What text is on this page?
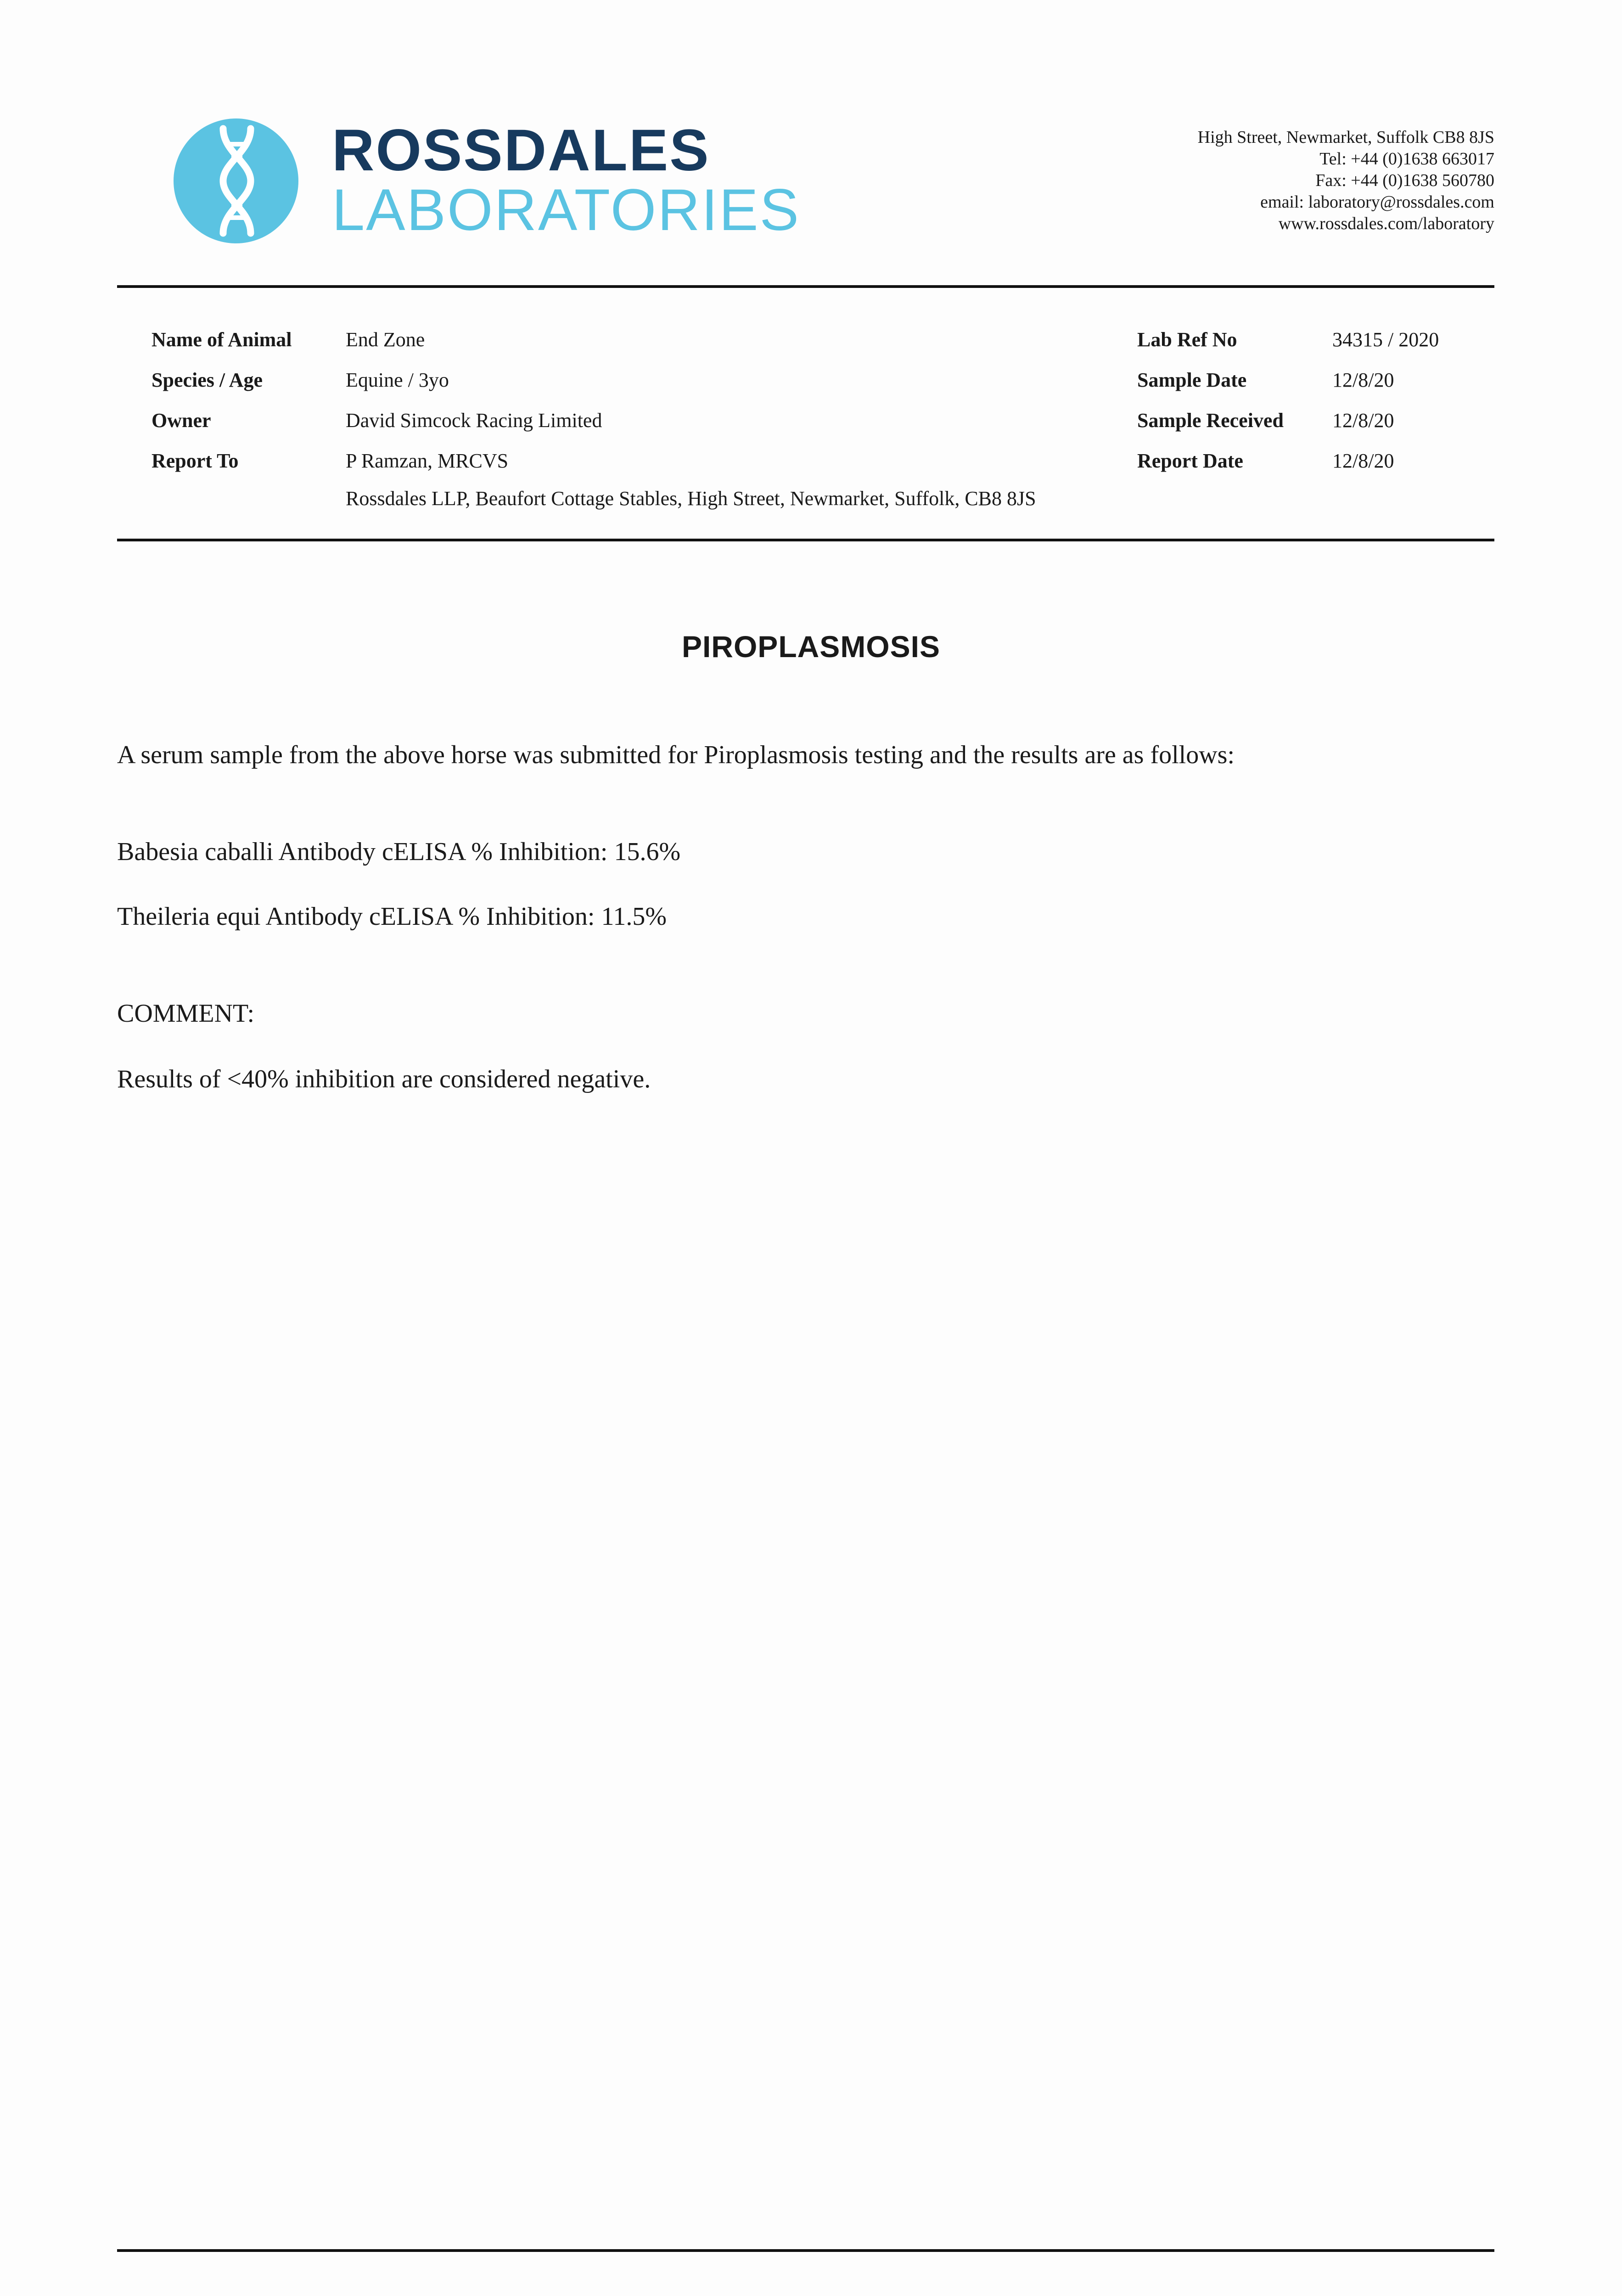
ROSSDALES
LABORATORIES
High Street, Newmarket, Suffolk CB8 8JS
Tel: +44 (0)1638 663017
Fax: +44 (0)1638 560780
email: laboratory@rossdales.com
www.rossdales.com/laboratory
Name of Animal	End Zone
Species / Age	Equine / 3yo
Owner	David Simcock Racing Limited
Report To	P Ramzan, MRCVS
Rossdales LLP, Beaufort Cottage Stables, High Street, Newmarket, Suffolk, CB8 8JS
Lab Ref No	34315 / 2020
Sample Date	12/8/20
Sample Received 12/8/20
Report Date	12/8/20
PIROPLASMOSIS
A serum sample from the above horse was submitted for Piroplasmosis testing and the results are as follows:
Babesia caballi Antibody cELISA % Inhibition: 15.6%
Theileria equi Antibody cELISA % Inhibition: 11.5%
COMMENT:
Results of <40% inhibition are considered negative.
